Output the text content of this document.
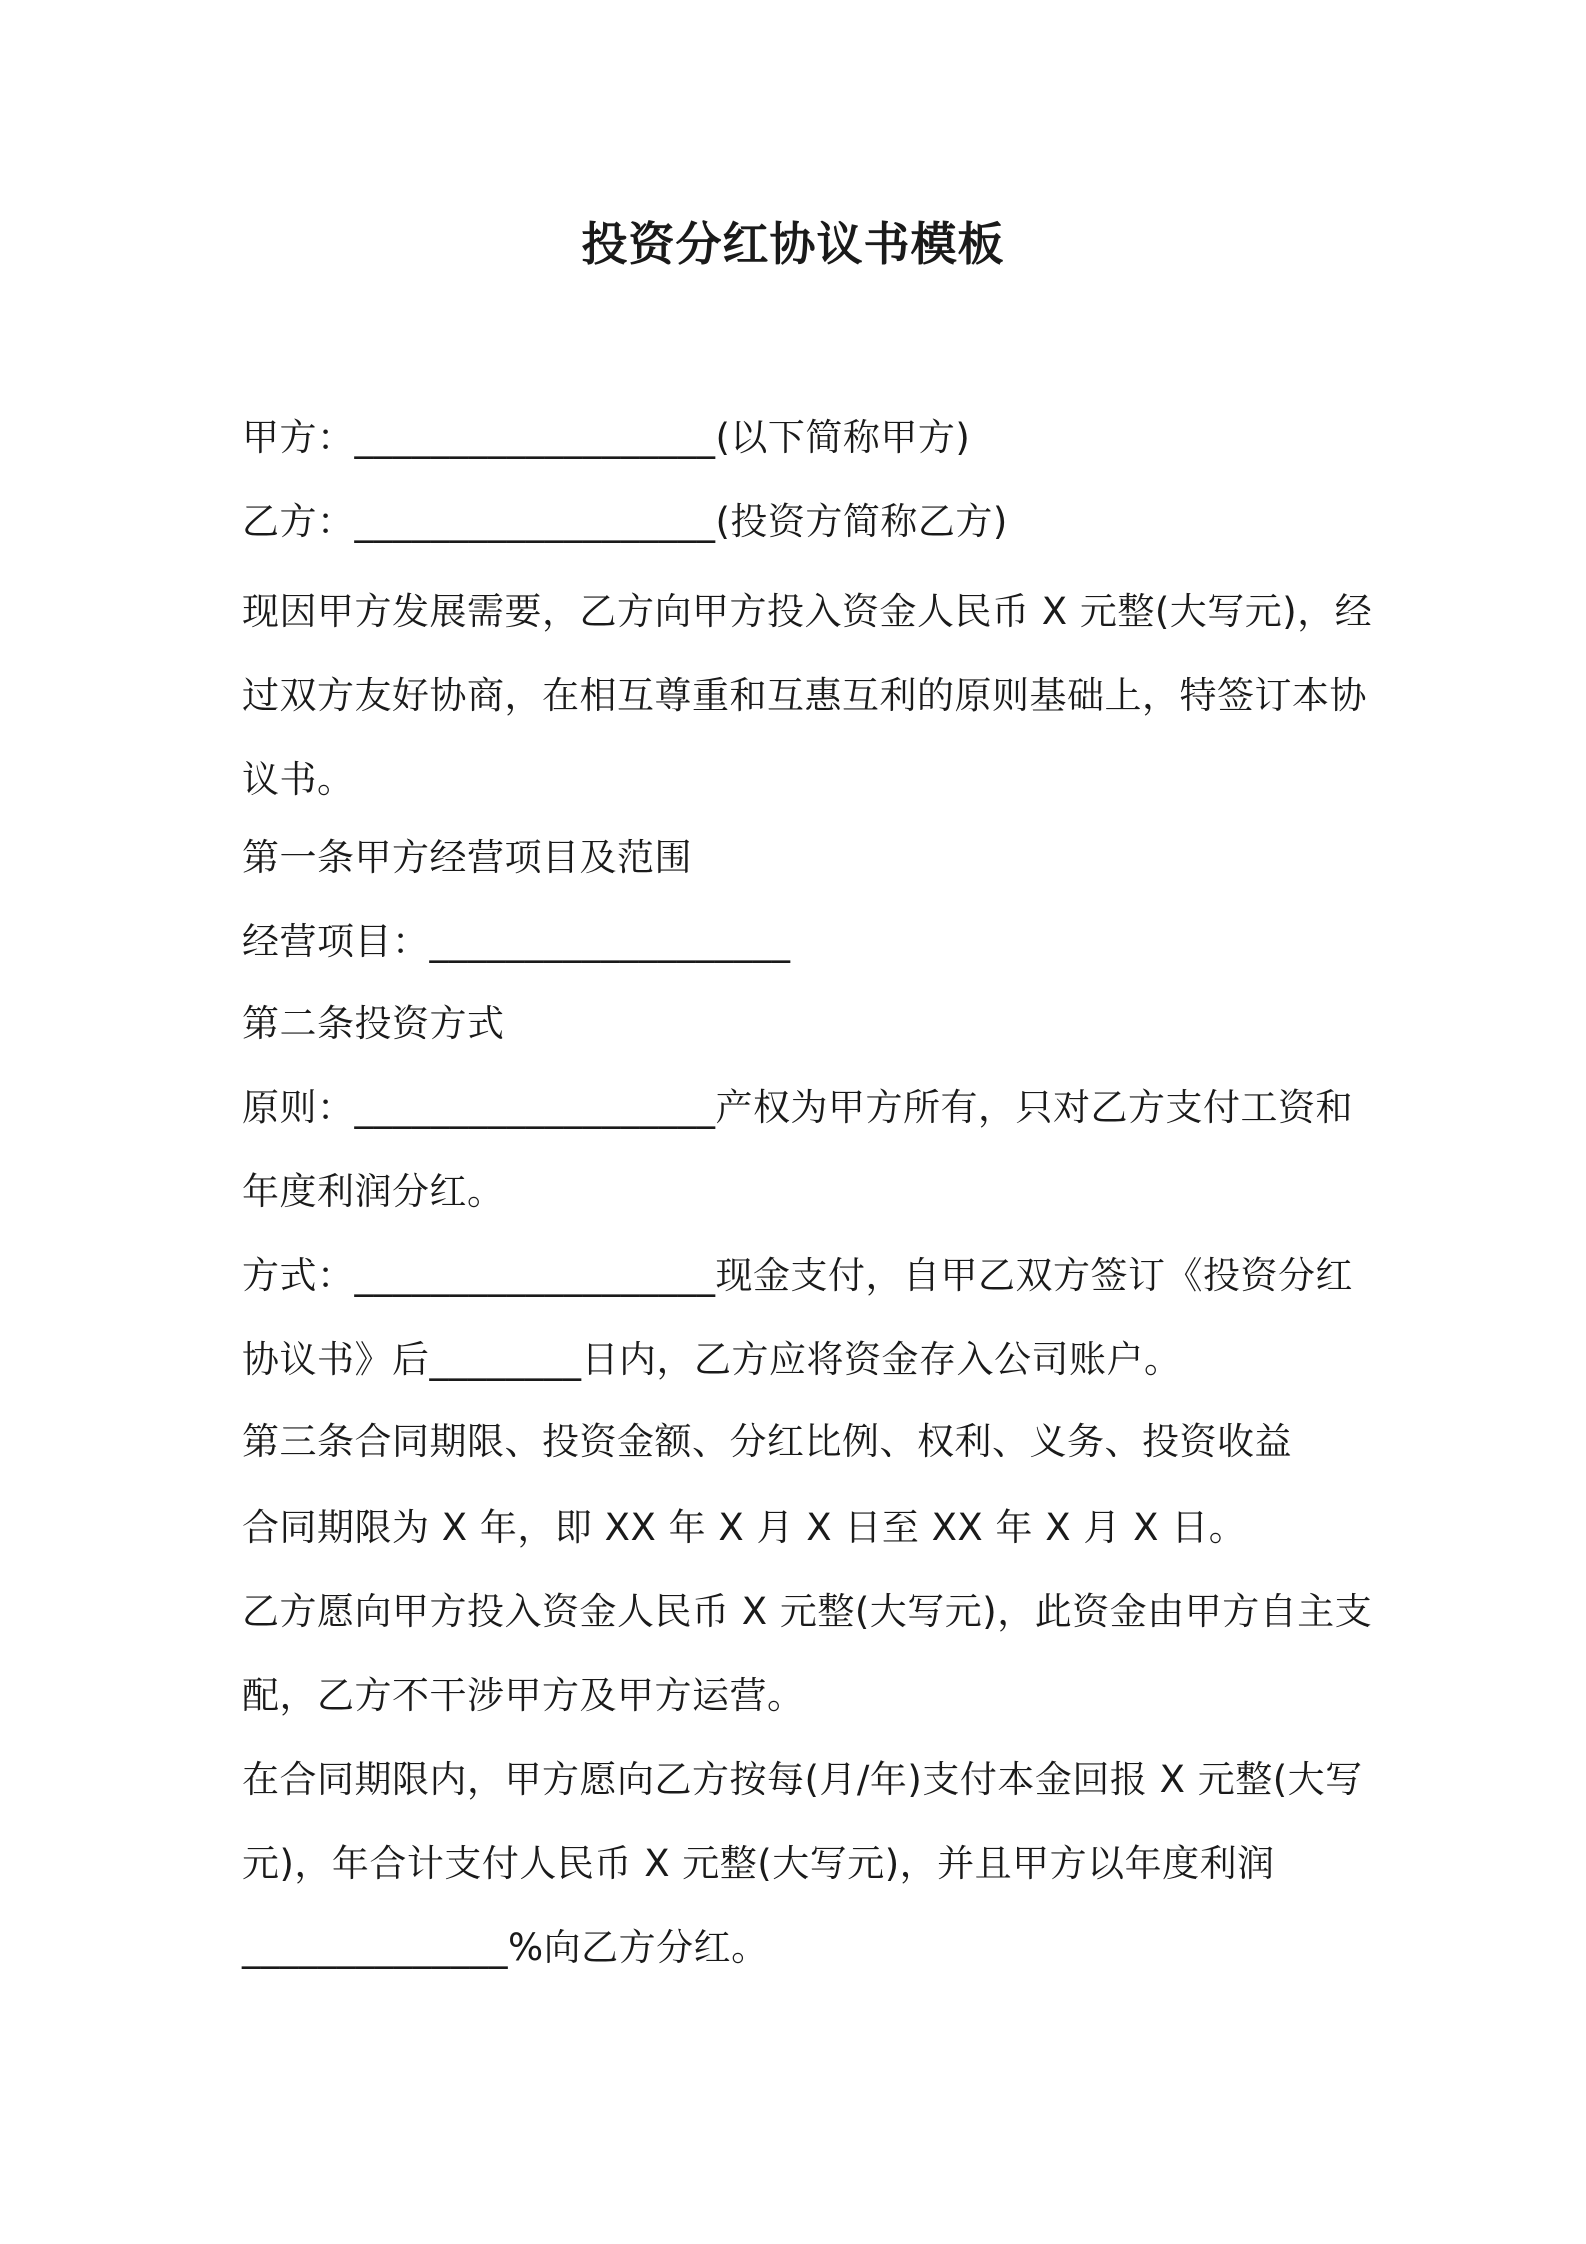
投资分红协议书模板
甲方：___________________(以下简称甲方)
乙方：___________________(投资方简称乙方)
现因甲方发展需要，乙方向甲方投入资金人民币 X 元整(大写元)，经
过双方友好协商，在相互尊重和互惠互利的原则基础上，特签订本协
议书。
第一条甲方经营项目及范围
经营项目：___________________
第二条投资方式
原则：___________________产权为甲方所有，只对乙方支付工资和
年度利润分红。
方式：___________________现金支付，自甲乙双方签订《投资分红
协议书》后________日内，乙方应将资金存入公司账户。
第三条合同期限、投资金额、分红比例、权利、义务、投资收益
合同期限为 X 年，即 XX 年 X 月 X 日至 XX 年 X 月 X 日。
乙方愿向甲方投入资金人民币 X 元整(大写元)，此资金由甲方自主支
配，乙方不干涉甲方及甲方运营。
在合同期限内，甲方愿向乙方按每(月/年)支付本金回报 X 元整(大写
元)，年合计支付人民币 X 元整(大写元)，并且甲方以年度利润
______________%向乙方分红。
